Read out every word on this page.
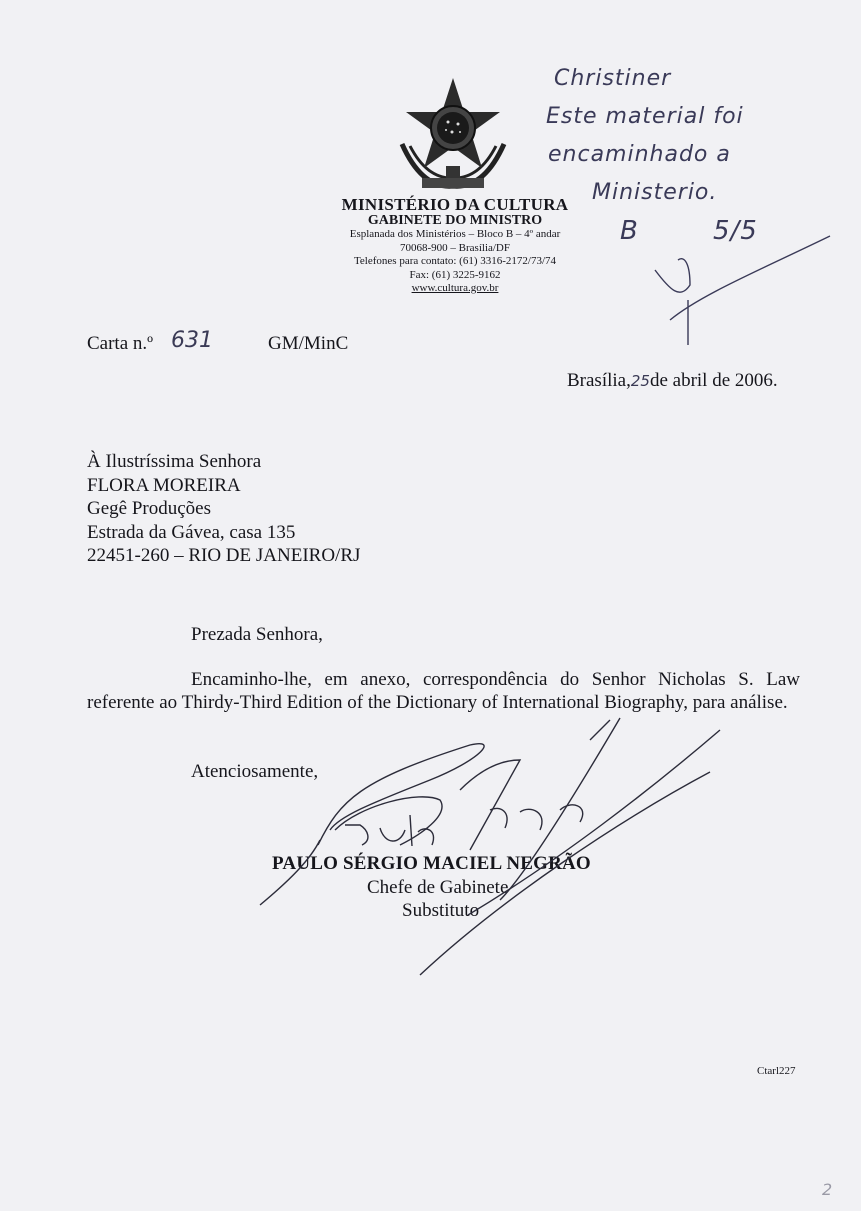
MINISTÉRIO DA CULTURA
GABINETE DO MINISTRO
Esplanada dos Ministérios – Bloco B – 4º andar
70068-900 – Brasília/DF
Telefones para contato: (61) 3316-2172/73/74
Fax: (61) 3225-9162
www.cultura.gov.br
Carta n.º 631	GM/MinC
Brasília,25de abril de 2006.
À Ilustríssima Senhora
FLORA MOREIRA
Gegê Produções
Estrada da Gávea, casa 135
22451-260 – RIO DE JANEIRO/RJ
Prezada Senhora,
Encaminho-lhe, em anexo, correspondência do Senhor Nicholas S. Law referente ao Thirdy-Third Edition of the Dictionary of International Biography, para análise.
Atenciosamente,
PAULO SÉRGIO MACIEL NEGRÃO
Chefe de Gabinete
Substituto
Christiner
Este material foi
encaminhado a
Ministerio.
B	5/5
Ctarl227
2
